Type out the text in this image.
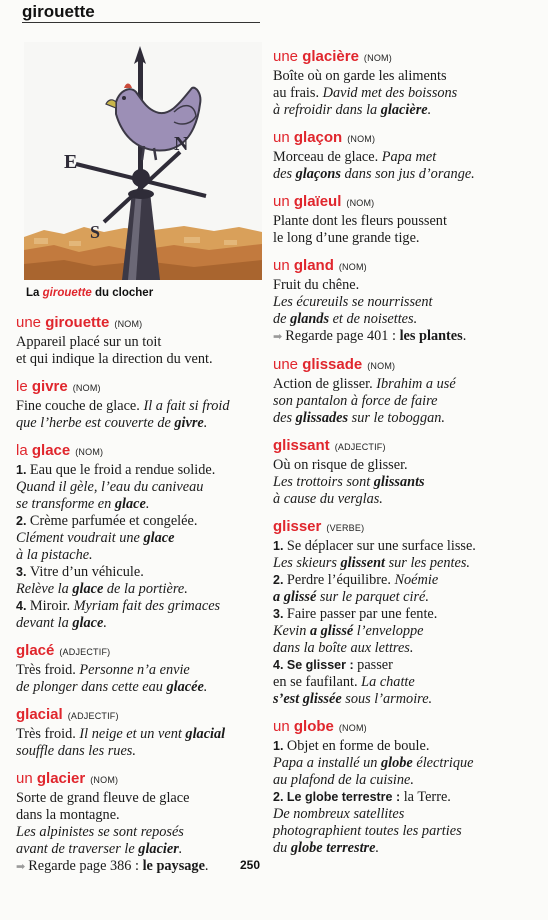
girouette
N
E
S
La girouette du clocher
une girouette (NOM)
Appareil placé sur un toit
et qui indique la direction du vent.
le givre (NOM)
Fine couche de glace. Il a fait si froid
que l’herbe est couverte de givre.
la glace (NOM)
1. Eau que le froid a rendue solide.
Quand il gèle, l’eau du caniveau
se transforme en glace.
2. Crème parfumée et congelée.
Clément voudrait une glace
à la pistache.
3. Vitre d’un véhicule.
Relève la glace de la portière.
4. Miroir. Myriam fait des grimaces
devant la glace.
glacé (ADJECTIF)
Très froid. Personne n’a envie
de plonger dans cette eau glacée.
glacial (ADJECTIF)
Très froid. Il neige et un vent glacial
souffle dans les rues.
un glacier (NOM)
Sorte de grand fleuve de glace
dans la montagne.
Les alpinistes se sont reposés
avant de traverser le glacier.
➡ Regarde page 386 : le paysage.
une glacière (NOM)
Boîte où on garde les aliments
au frais. David met des boissons
à refroidir dans la glacière.
un glaçon (NOM)
Morceau de glace. Papa met
des glaçons dans son jus d’orange.
un glaïeul (NOM)
Plante dont les fleurs poussent
le long d’une grande tige.
un gland (NOM)
Fruit du chêne.
Les écureuils se nourrissent
de glands et de noisettes.
➡ Regarde page 401 : les plantes.
une glissade (NOM)
Action de glisser. Ibrahim a usé
son pantalon à force de faire
des glissades sur le toboggan.
glissant (ADJECTIF)
Où on risque de glisser.
Les trottoirs sont glissants
à cause du verglas.
glisser (VERBE)
1. Se déplacer sur une surface lisse.
Les skieurs glissent sur les pentes.
2. Perdre l’équilibre. Noémie
a glissé sur le parquet ciré.
3. Faire passer par une fente.
Kevin a glissé l’enveloppe
dans la boîte aux lettres.
4. Se glisser : passer
en se faufilant. La chatte
s’est glissée sous l’armoire.
un globe (NOM)
1. Objet en forme de boule.
Papa a installé un globe électrique
au plafond de la cuisine.
2. Le globe terrestre : la Terre.
De nombreux satellites
photographient toutes les parties
du globe terrestre.
250
